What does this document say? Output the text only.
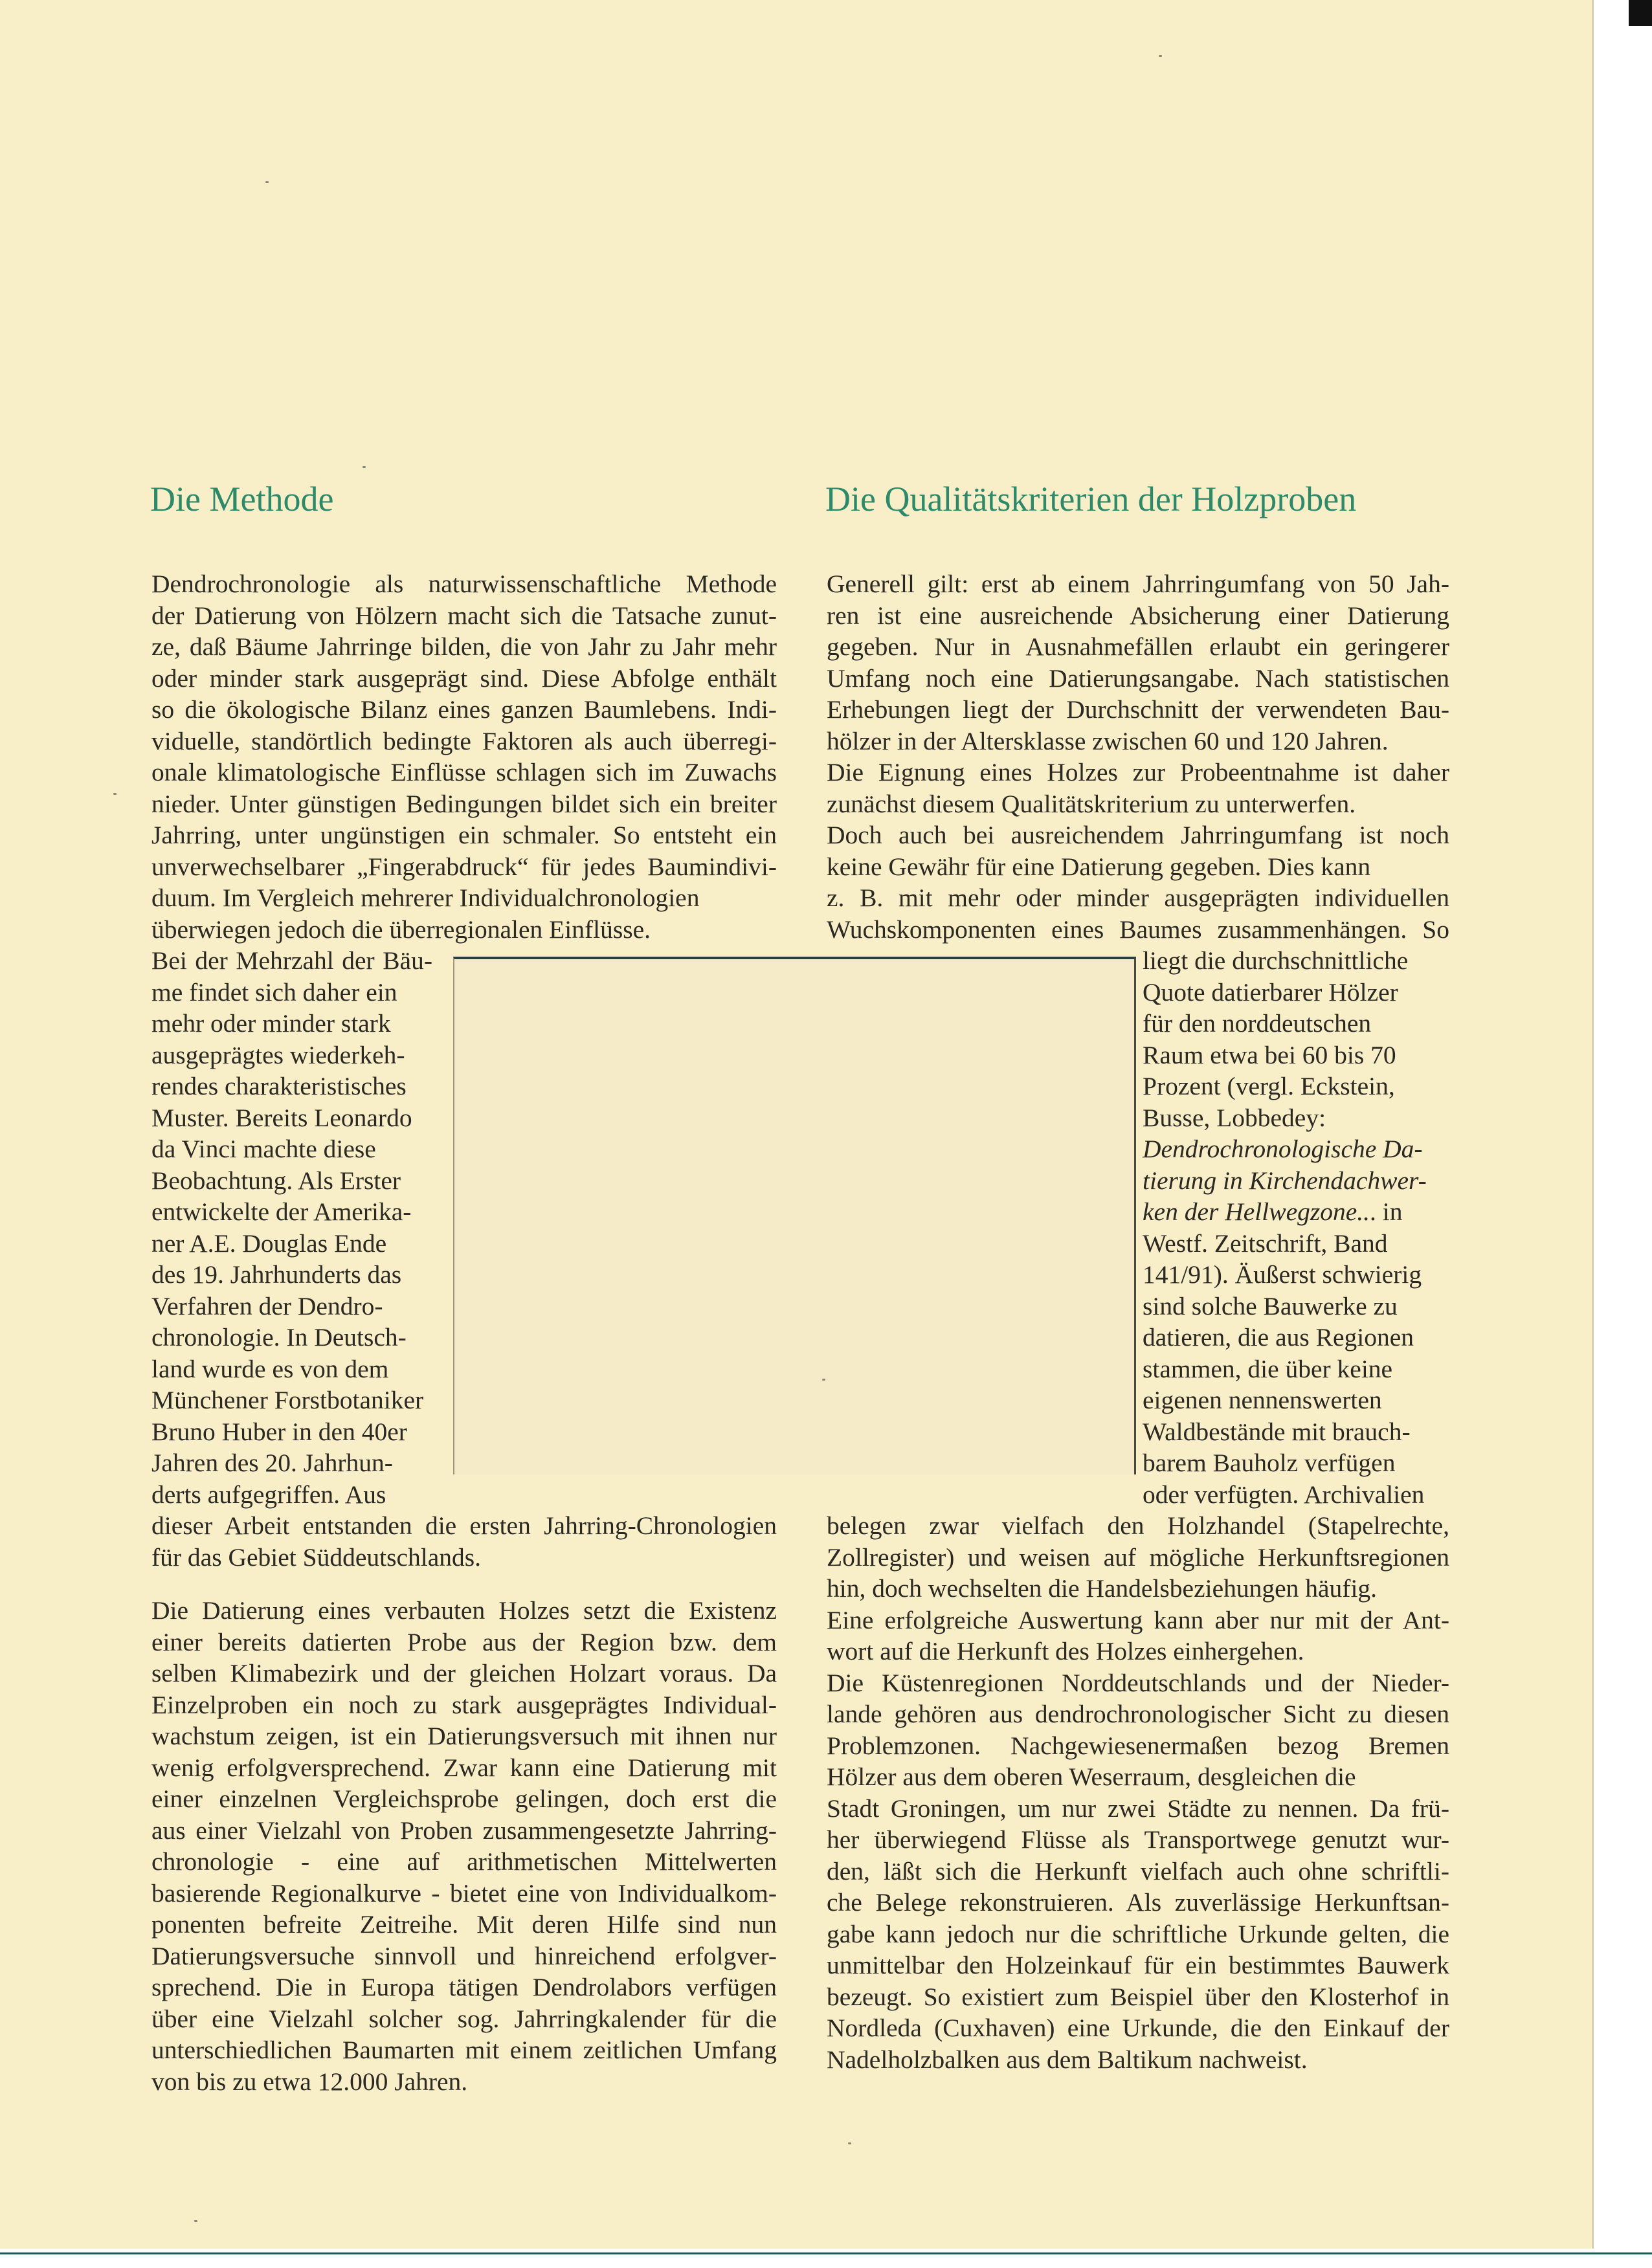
Die Methode	Die Qualitätskriterien der Holzproben
Dendrochronologie als naturwissenschaftliche Methode
der Datierung von Hölzern macht sich die Tatsache zunut-
ze, daß Bäume Jahrringe bilden, die von Jahr zu Jahr mehr
oder minder stark ausgeprägt sind. Diese Abfolge enthält
so die ökologische Bilanz eines ganzen Baumlebens. Indi-
viduelle, standörtlich bedingte Faktoren als auch überregi-
onale klimatologische Einflüsse schlagen sich im Zuwachs
nieder. Unter günstigen Bedingungen bildet sich ein breiter
Jahrring, unter ungünstigen ein schmaler. So entsteht ein
unverwechselbarer „Fingerabdruck“ für jedes Baumindivi-
duum. Im Vergleich mehrerer Individualchronologien
überwiegen jedoch die überregionalen Einflüsse.
Bei der Mehrzahl der Bäu-
me findet sich daher ein
mehr oder minder stark
ausgeprägtes wiederkeh-
rendes charakteristisches
Muster. Bereits Leonardo
da Vinci machte diese
Beobachtung. Als Erster
entwickelte der Amerika-
ner A.E. Douglas Ende
des 19. Jahrhunderts das
Verfahren der Dendro-
chronologie. In Deutsch-
land wurde es von dem
Münchener Forstbotaniker
Bruno Huber in den 40er
Jahren des 20. Jahrhun-
derts aufgegriffen. Aus
dieser Arbeit entstanden die ersten Jahrring-Chronologien
für das Gebiet Süddeutschlands.
Die Datierung eines verbauten Holzes setzt die Existenz
einer bereits datierten Probe aus der Region bzw. dem
selben Klimabezirk und der gleichen Holzart voraus. Da
Einzelproben ein noch zu stark ausgeprägtes Individual-
wachstum zeigen, ist ein Datierungsversuch mit ihnen nur
wenig erfolgversprechend. Zwar kann eine Datierung mit
einer einzelnen Vergleichsprobe gelingen, doch erst die
aus einer Vielzahl von Proben zusammengesetzte Jahrring-
chronologie - eine auf arithmetischen Mittelwerten
basierende Regionalkurve - bietet eine von Individualkom-
ponenten befreite Zeitreihe. Mit deren Hilfe sind nun
Datierungsversuche sinnvoll und hinreichend erfolgver-
sprechend. Die in Europa tätigen Dendrolabors verfügen
über eine Vielzahl solcher sog. Jahrringkalender für die
unterschiedlichen Baumarten mit einem zeitlichen Umfang
von bis zu etwa 12.000 Jahren.
Generell gilt: erst ab einem Jahrringumfang von 50 Jah-
ren ist eine ausreichende Absicherung einer Datierung
gegeben. Nur in Ausnahmefällen erlaubt ein geringerer
Umfang noch eine Datierungsangabe. Nach statistischen
Erhebungen liegt der Durchschnitt der verwendeten Bau-
hölzer in der Altersklasse zwischen 60 und 120 Jahren.
Die Eignung eines Holzes zur Probeentnahme ist daher
zunächst diesem Qualitätskriterium zu unterwerfen.
Doch auch bei ausreichendem Jahrringumfang ist noch
keine Gewähr für eine Datierung gegeben. Dies kann
z. B. mit mehr oder minder ausgeprägten individuellen
Wuchskomponenten eines Baumes zusammenhängen. So
liegt die durchschnittliche
Quote datierbarer Hölzer
für den norddeutschen
Raum etwa bei 60 bis 70
Prozent (vergl. Eckstein,
Busse, Lobbedey:
Dendrochronologische Da-
tierung in Kirchendachwer-
ken der Hellwegzone... in
Westf. Zeitschrift, Band
141/91). Äußerst schwierig
sind solche Bauwerke zu
datieren, die aus Regionen
stammen, die über keine
eigenen nennenswerten
Waldbestände mit brauch-
barem Bauholz verfügen
oder verfügten. Archivalien
belegen zwar vielfach den Holzhandel (Stapelrechte,
Zollregister) und weisen auf mögliche Herkunftsregionen
hin, doch wechselten die Handelsbeziehungen häufig.
Eine erfolgreiche Auswertung kann aber nur mit der Ant-
wort auf die Herkunft des Holzes einhergehen.
Die Küstenregionen Norddeutschlands und der Nieder-
lande gehören aus dendrochronologischer Sicht zu diesen
Problemzonen. Nachgewiesenermaßen bezog Bremen
Hölzer aus dem oberen Weserraum, desgleichen die
Stadt Groningen, um nur zwei Städte zu nennen. Da frü-
her überwiegend Flüsse als Transportwege genutzt wur-
den, läßt sich die Herkunft vielfach auch ohne schriftli-
che Belege rekonstruieren. Als zuverlässige Herkunftsan-
gabe kann jedoch nur die schriftliche Urkunde gelten, die
unmittelbar den Holzeinkauf für ein bestimmtes Bauwerk
bezeugt. So existiert zum Beispiel über den Klosterhof in
Nordleda (Cuxhaven) eine Urkunde, die den Einkauf der
Nadelholzbalken aus dem Baltikum nachweist.
